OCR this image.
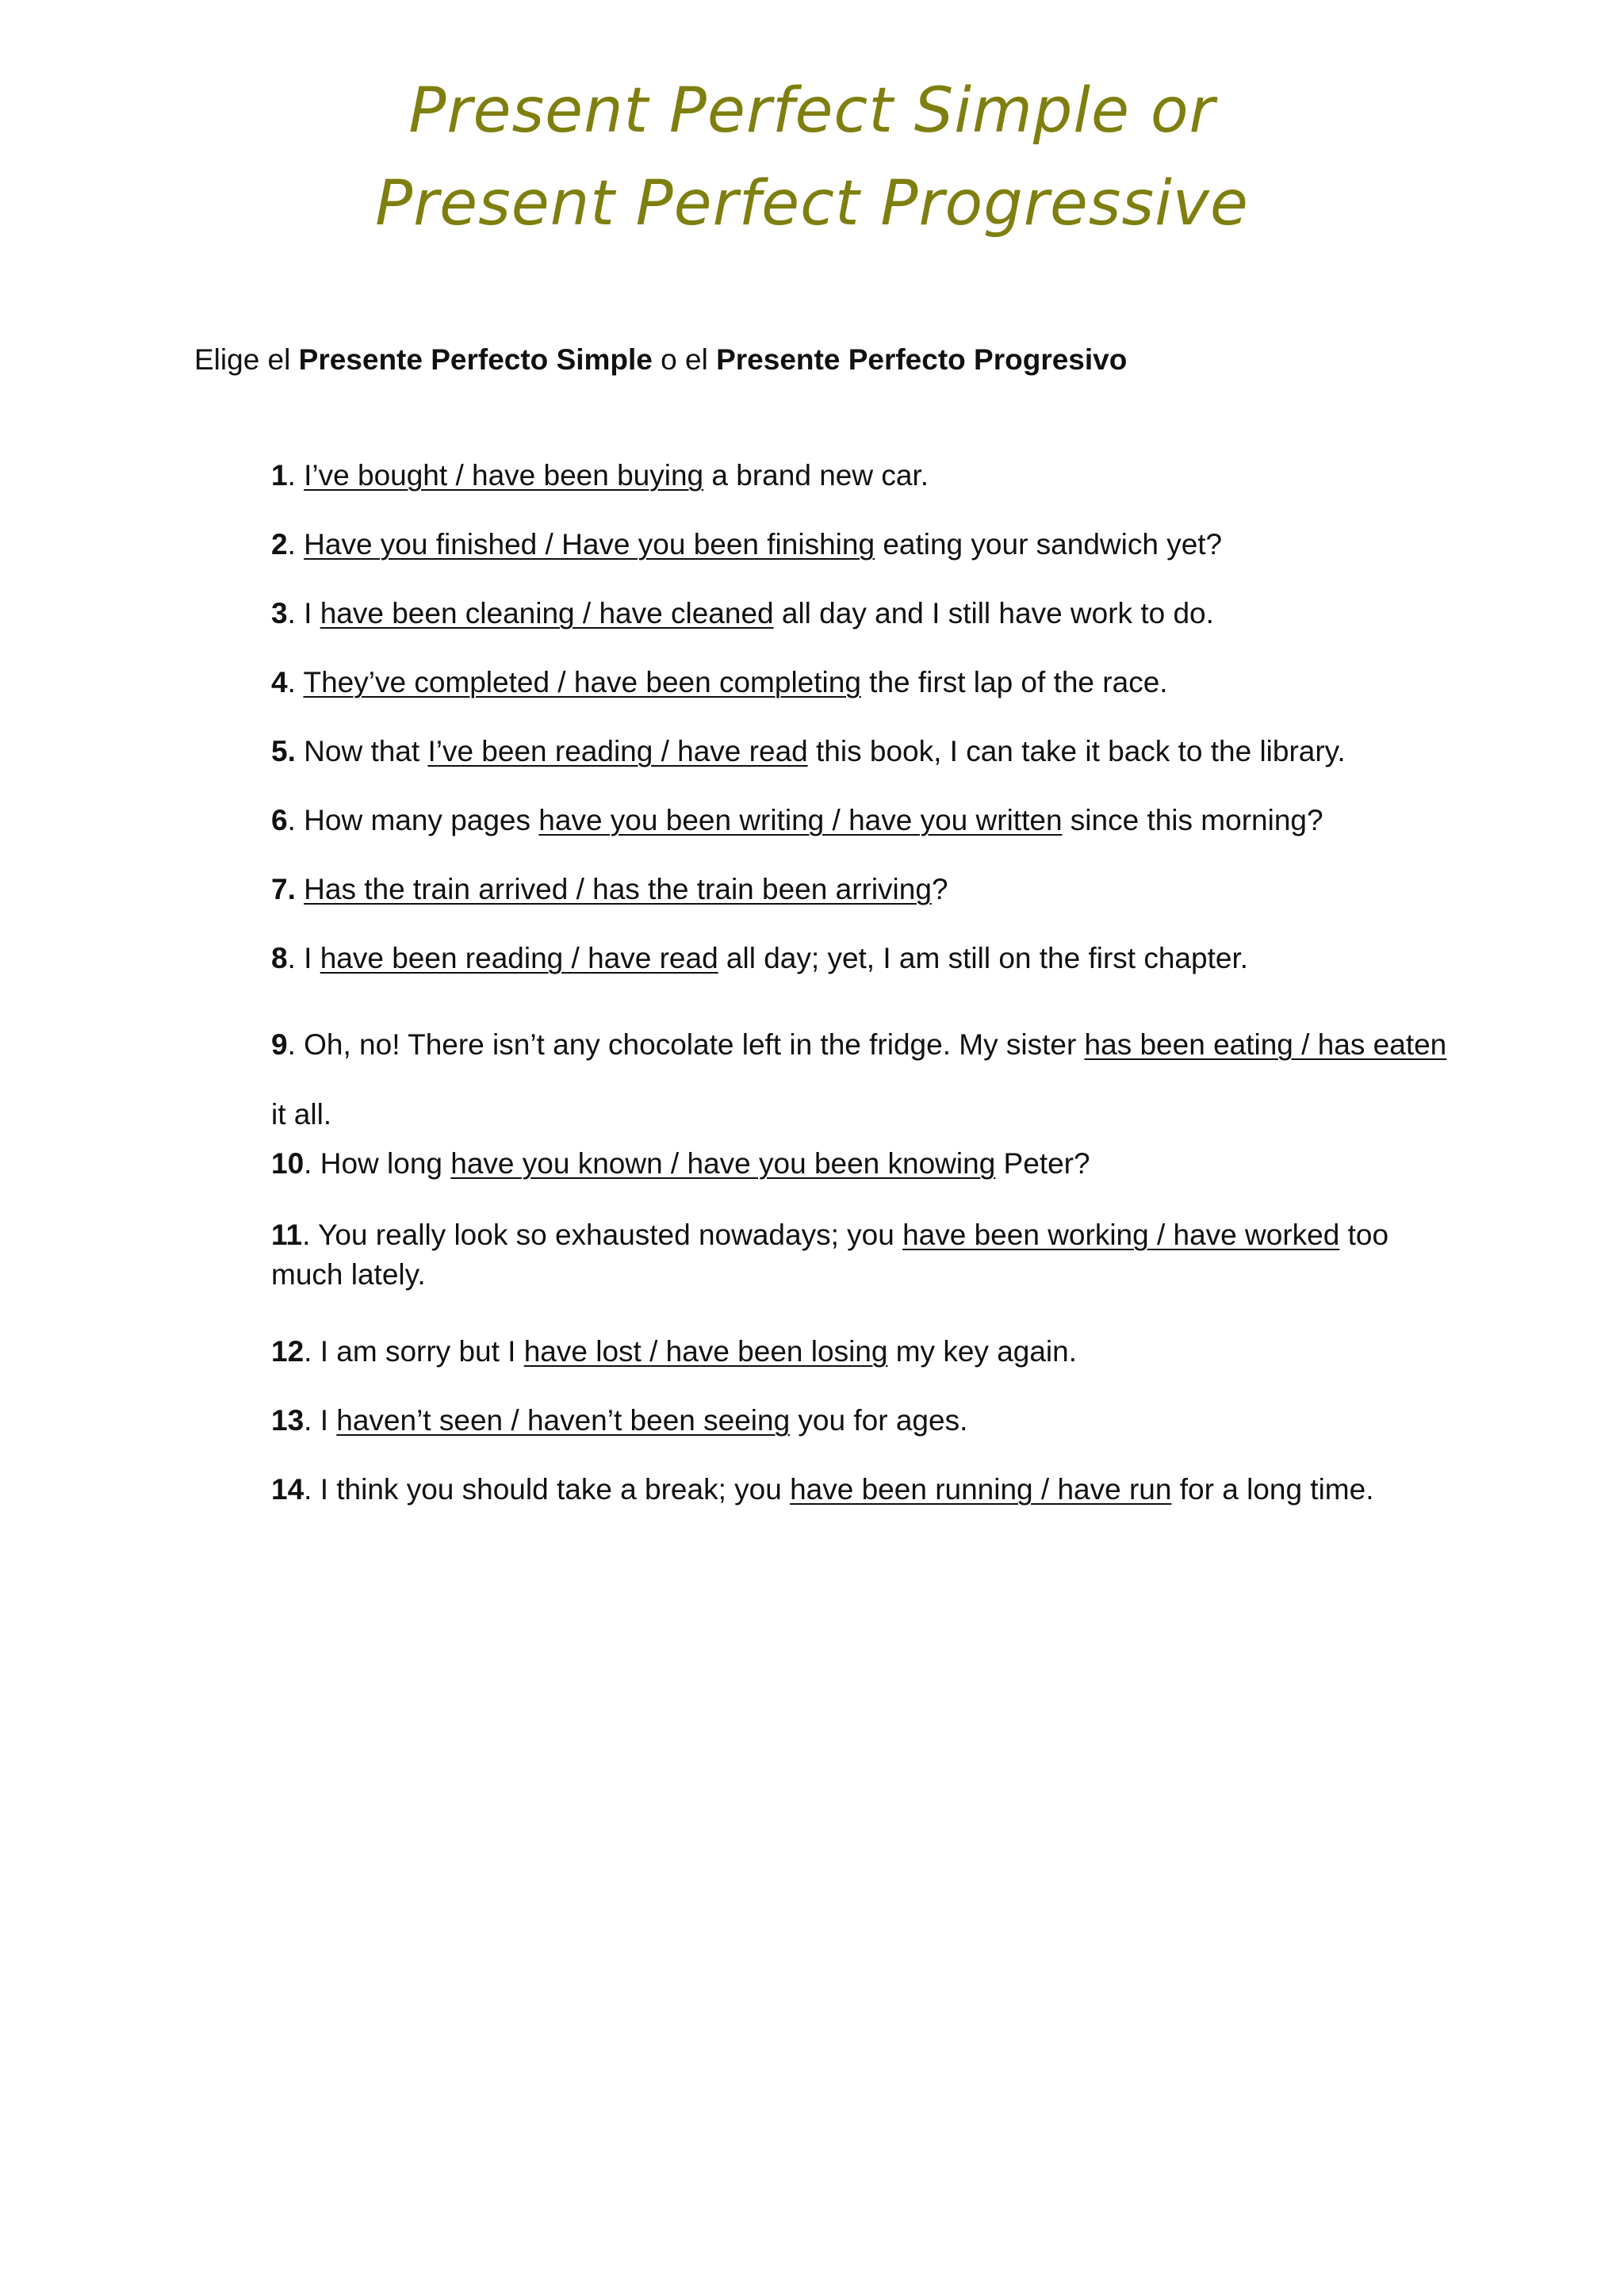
Present Perfect Simple or
Present Perfect Progressive
Elige el Presente Perfecto Simple o el Presente Perfecto Progresivo
1. I’ve bought / have been buying a brand new car.
2. Have you finished / Have you been finishing eating your sandwich yet?
3. I have been cleaning / have cleaned all day and I still have work to do.
4. They’ve completed / have been completing the first lap of the race.
5. Now that I’ve been reading / have read this book, I can take it back to the library.
6. How many pages have you been writing / have you written since this morning?
7. Has the train arrived / has the train been arriving?
8. I have been reading / have read all day; yet, I am still on the first chapter.
9. Oh, no! There isn’t any chocolate left in the fridge. My sister has been eating / has eaten it all.
10. How long have you known / have you been knowing Peter?
11. You really look so exhausted nowadays; you have been working / have worked too much lately.
12. I am sorry but I have lost / have been losing my key again.
13. I haven’t seen / haven’t been seeing you for ages.
14. I think you should take a break; you have been running / have run for a long time.
